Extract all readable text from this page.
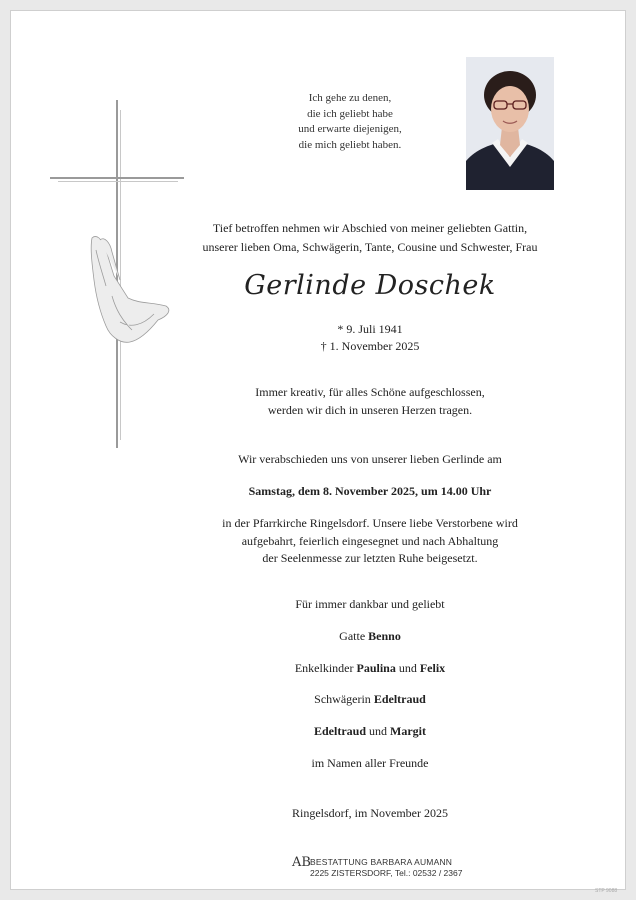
Ich gehe zu denen,
die ich geliebt habe
und erwarte diejenigen,
die mich geliebt haben.
Tief betroffen nehmen wir Abschied von meiner geliebten Gattin,
unserer lieben Oma, Schwägerin, Tante, Cousine und Schwester, Frau
Gerlinde Doschek
* 9. Juli 1941
† 1. November 2025
Immer kreativ, für alles Schöne aufgeschlossen,
werden wir dich in unseren Herzen tragen.
Wir verabschieden uns von unserer lieben Gerlinde am
Samstag, dem 8. November 2025, um 14.00 Uhr
in der Pfarrkirche Ringelsdorf. Unsere liebe Verstorbene wird
aufgebahrt, feierlich eingesegnet und nach Abhaltung
der Seelenmesse zur letzten Ruhe beigesetzt.
Für immer dankbar und geliebt
Gatte Benno
Enkelkinder Paulina und Felix
Schwägerin Edeltraud
Edeltraud und Margit
im Namen aller Freunde
Ringelsdorf, im November 2025
AB BESTATTUNG BARBARA AUMANN
2225 ZISTERSDORF, Tel.: 02532 / 2367
STP 9088
